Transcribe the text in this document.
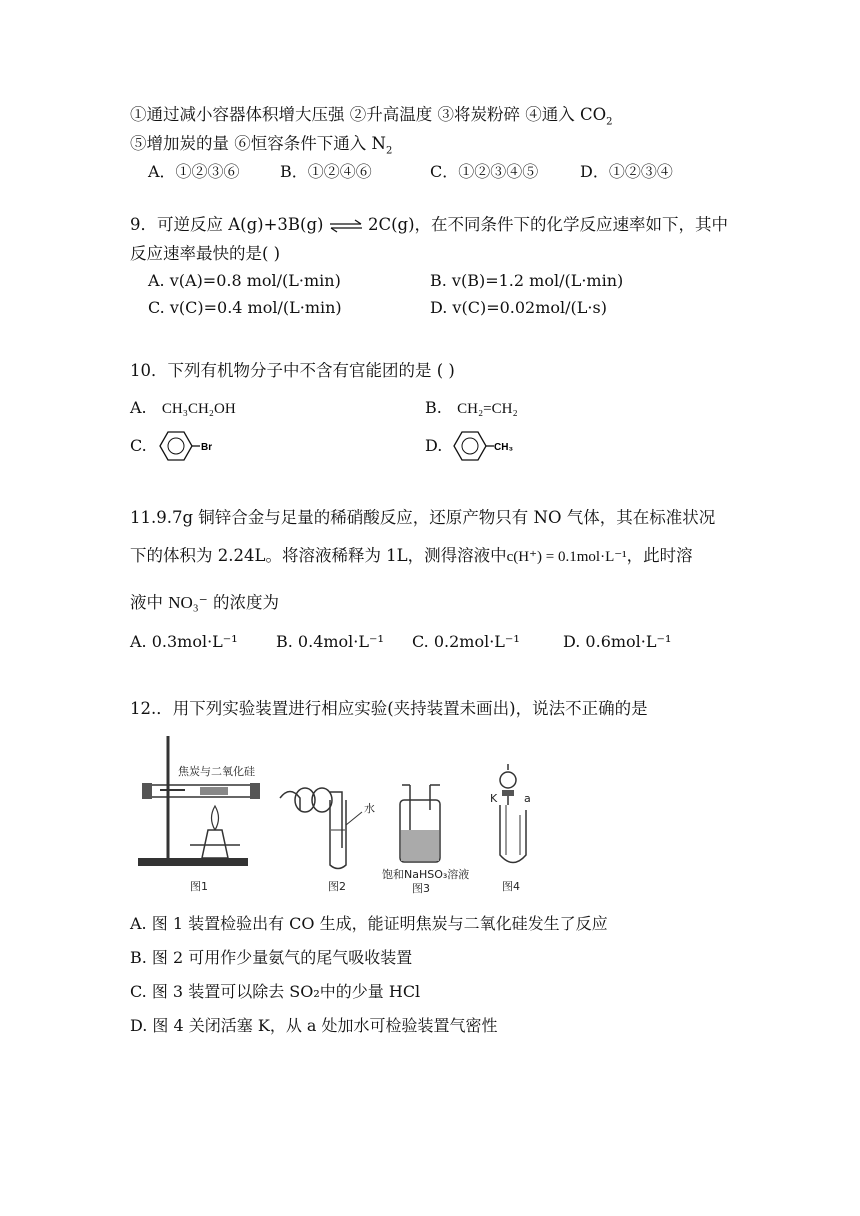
①通过减小容器体积增大压强 ②升高温度 ③将炭粉碎 ④通入 $CO_2$
⑤增加炭的量 ⑥恒容条件下通入 $N_2$
A．①②③⑥	B．①②④⑥	C．①②③④⑤	D．①②③④
9．可逆反应 A(g)+3B(g) ⇌ 2C(g)，在不同条件下的化学反应速率如下，其中
反应速率最快的是( )
A. v(A)=0.8 mol/(L·min)	B. v(B)=1.2 mol/(L·min)
C. v(C)=0.4 mol/(L·min)	D. v(C)=0.02mol/(L·s)
10．下列有机物分子中不含有官能团的是 ( )
A. CH₃CH₂OH	B. CH₂=CH₂
C.	Br	D.	CH₃
11.9.7g 铜锌合金与足量的稀硝酸反应，还原产物只有 NO 气体，其在标准状况
下的体积为 2.24L。将溶液稀释为 1L，测得溶液中c(H⁺) = 0.1mol·L⁻¹，此时溶
液中 NO₃⁻ 的浓度为
A. 0.3mol·L⁻¹ B. 0.4mol·L⁻¹ C. 0.2mol·L⁻¹	D. 0.6mol·L⁻¹
12.．用下列实验装置进行相应实验(夹持装置未画出)，说法不正确的是
焦炭与二氧化硅
图1
水
图2
饱和NaHSO₃溶液
图3
K a
图4
A. 图 1 装置检验出有 CO 生成，能证明焦炭与二氧化硅发生了反应
B. 图 2 可用作少量氨气的尾气吸收装置
C. 图 3 装置可以除去 SO₂中的少量 HCl
D. 图 4 关闭活塞 K，从 a 处加水可检验装置气密性
